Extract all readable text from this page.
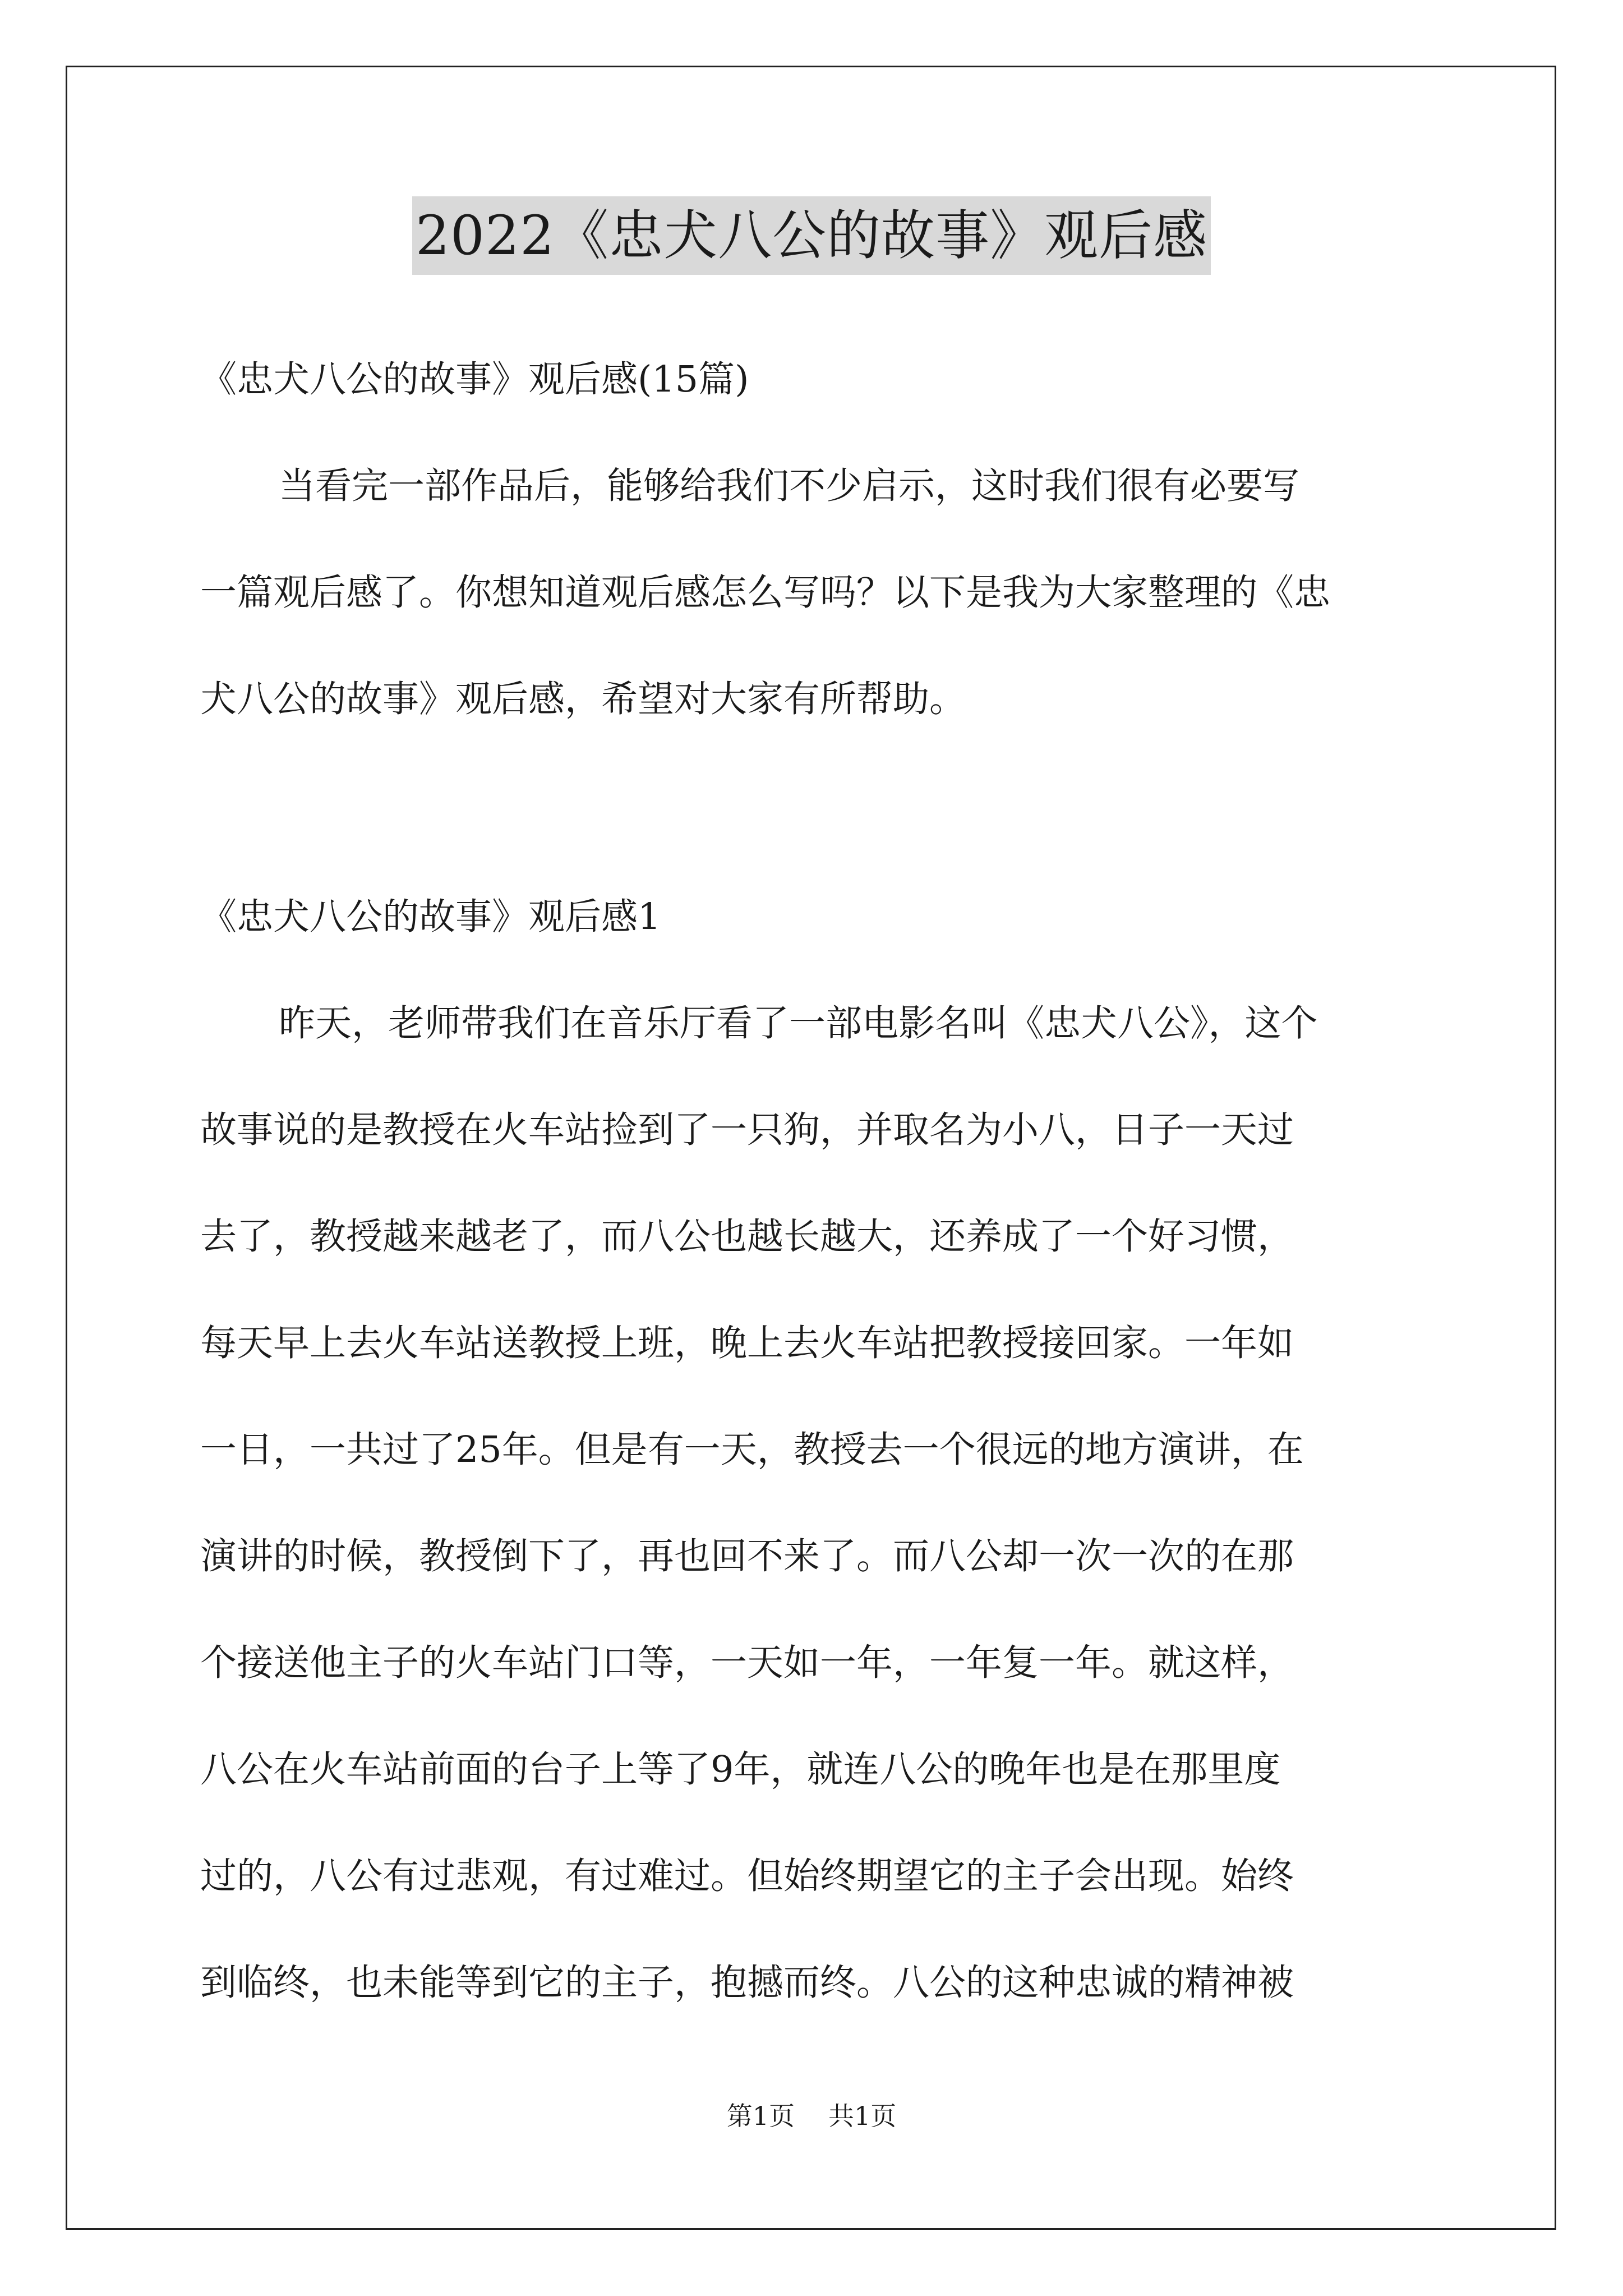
2022《忠犬八公的故事》观后感
《忠犬八公的故事》观后感(15篇)
当看完一部作品后，能够给我们不少启示，这时我们很有必要写
一篇观后感了。你想知道观后感怎么写吗？以下是我为大家整理的《忠
犬八公的故事》观后感，希望对大家有所帮助。
《忠犬八公的故事》观后感1
昨天，老师带我们在音乐厅看了一部电影名叫《忠犬八公》，这个
故事说的是教授在火车站捡到了一只狗，并取名为小八，日子一天过
去了，教授越来越老了，而八公也越长越大，还养成了一个好习惯，
每天早上去火车站送教授上班，晚上去火车站把教授接回家。一年如
一日，一共过了25年。但是有一天，教授去一个很远的地方演讲，在
演讲的时候，教授倒下了，再也回不来了。而八公却一次一次的在那
个接送他主子的火车站门口等，一天如一年，一年复一年。就这样，
八公在火车站前面的台子上等了9年，就连八公的晚年也是在那里度
过的，八公有过悲观，有过难过。但始终期望它的主子会出现。始终
到临终，也未能等到它的主子，抱撼而终。八公的这种忠诚的精神被
第1页 共1页
